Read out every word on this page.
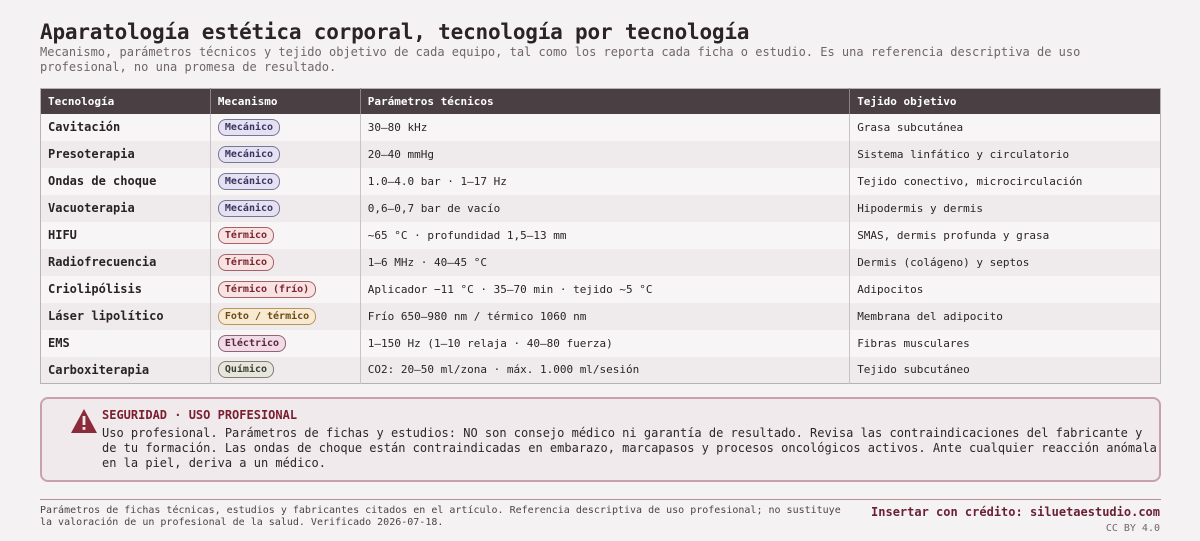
Aparatología estética corporal, tecnología por tecnología

Mecanismo, parámetros técnicos y tejido objetivo de cada equipo, tal como los reporta cada ficha o estudio. Es una referencia descriptiva de uso profesional, no una promesa de resultado.

Tecnología	Mecanismo	Parámetros técnicos	Tejido objetivo
Cavitación	Mecánico	30–80 kHz	Grasa subcutánea
Presoterapia	Mecánico	20–40 mmHg	Sistema linfático y circulatorio
Ondas de choque	Mecánico	1.0–4.0 bar · 1–17 Hz	Tejido conectivo, microcirculación
Vacuoterapia	Mecánico	0,6–0,7 bar de vacío	Hipodermis y dermis
HIFU	Térmico	~65 °C · profundidad 1,5–13 mm	SMAS, dermis profunda y grasa
Radiofrecuencia	Térmico	1–6 MHz · 40–45 °C	Dermis (colágeno) y septos
Criolipólisis	Térmico (frío)	Aplicador −11 °C · 35–70 min · tejido ~5 °C	Adipocitos
Láser lipolítico	Foto / térmico	Frío 650–980 nm / térmico 1060 nm	Membrana del adipocito
EMS	Eléctrico	1–150 Hz (1–10 relaja · 40–80 fuerza)	Fibras musculares
Carboxiterapia	Químico	CO2: 20–50 ml/zona · máx. 1.000 ml/sesión	Tejido subcutáneo
SEGURIDAD · USO PROFESIONAL
Uso profesional. Parámetros de fichas y estudios: NO son consejo médico ni garantía de resultado. Revisa las contraindicaciones del fabricante y de tu formación. Las ondas de choque están contraindicadas en embarazo, marcapasos y procesos oncológicos activos. Ante cualquier reacción anómala en la piel, deriva a un médico.
Parámetros de fichas técnicas, estudios y fabricantes citados en el artículo. Referencia descriptiva de uso profesional; no sustituye la valoración de un profesional de la salud. Verificado 2026-07-18.
Insertar con crédito: siluetaestudio.com
CC BY 4.0
